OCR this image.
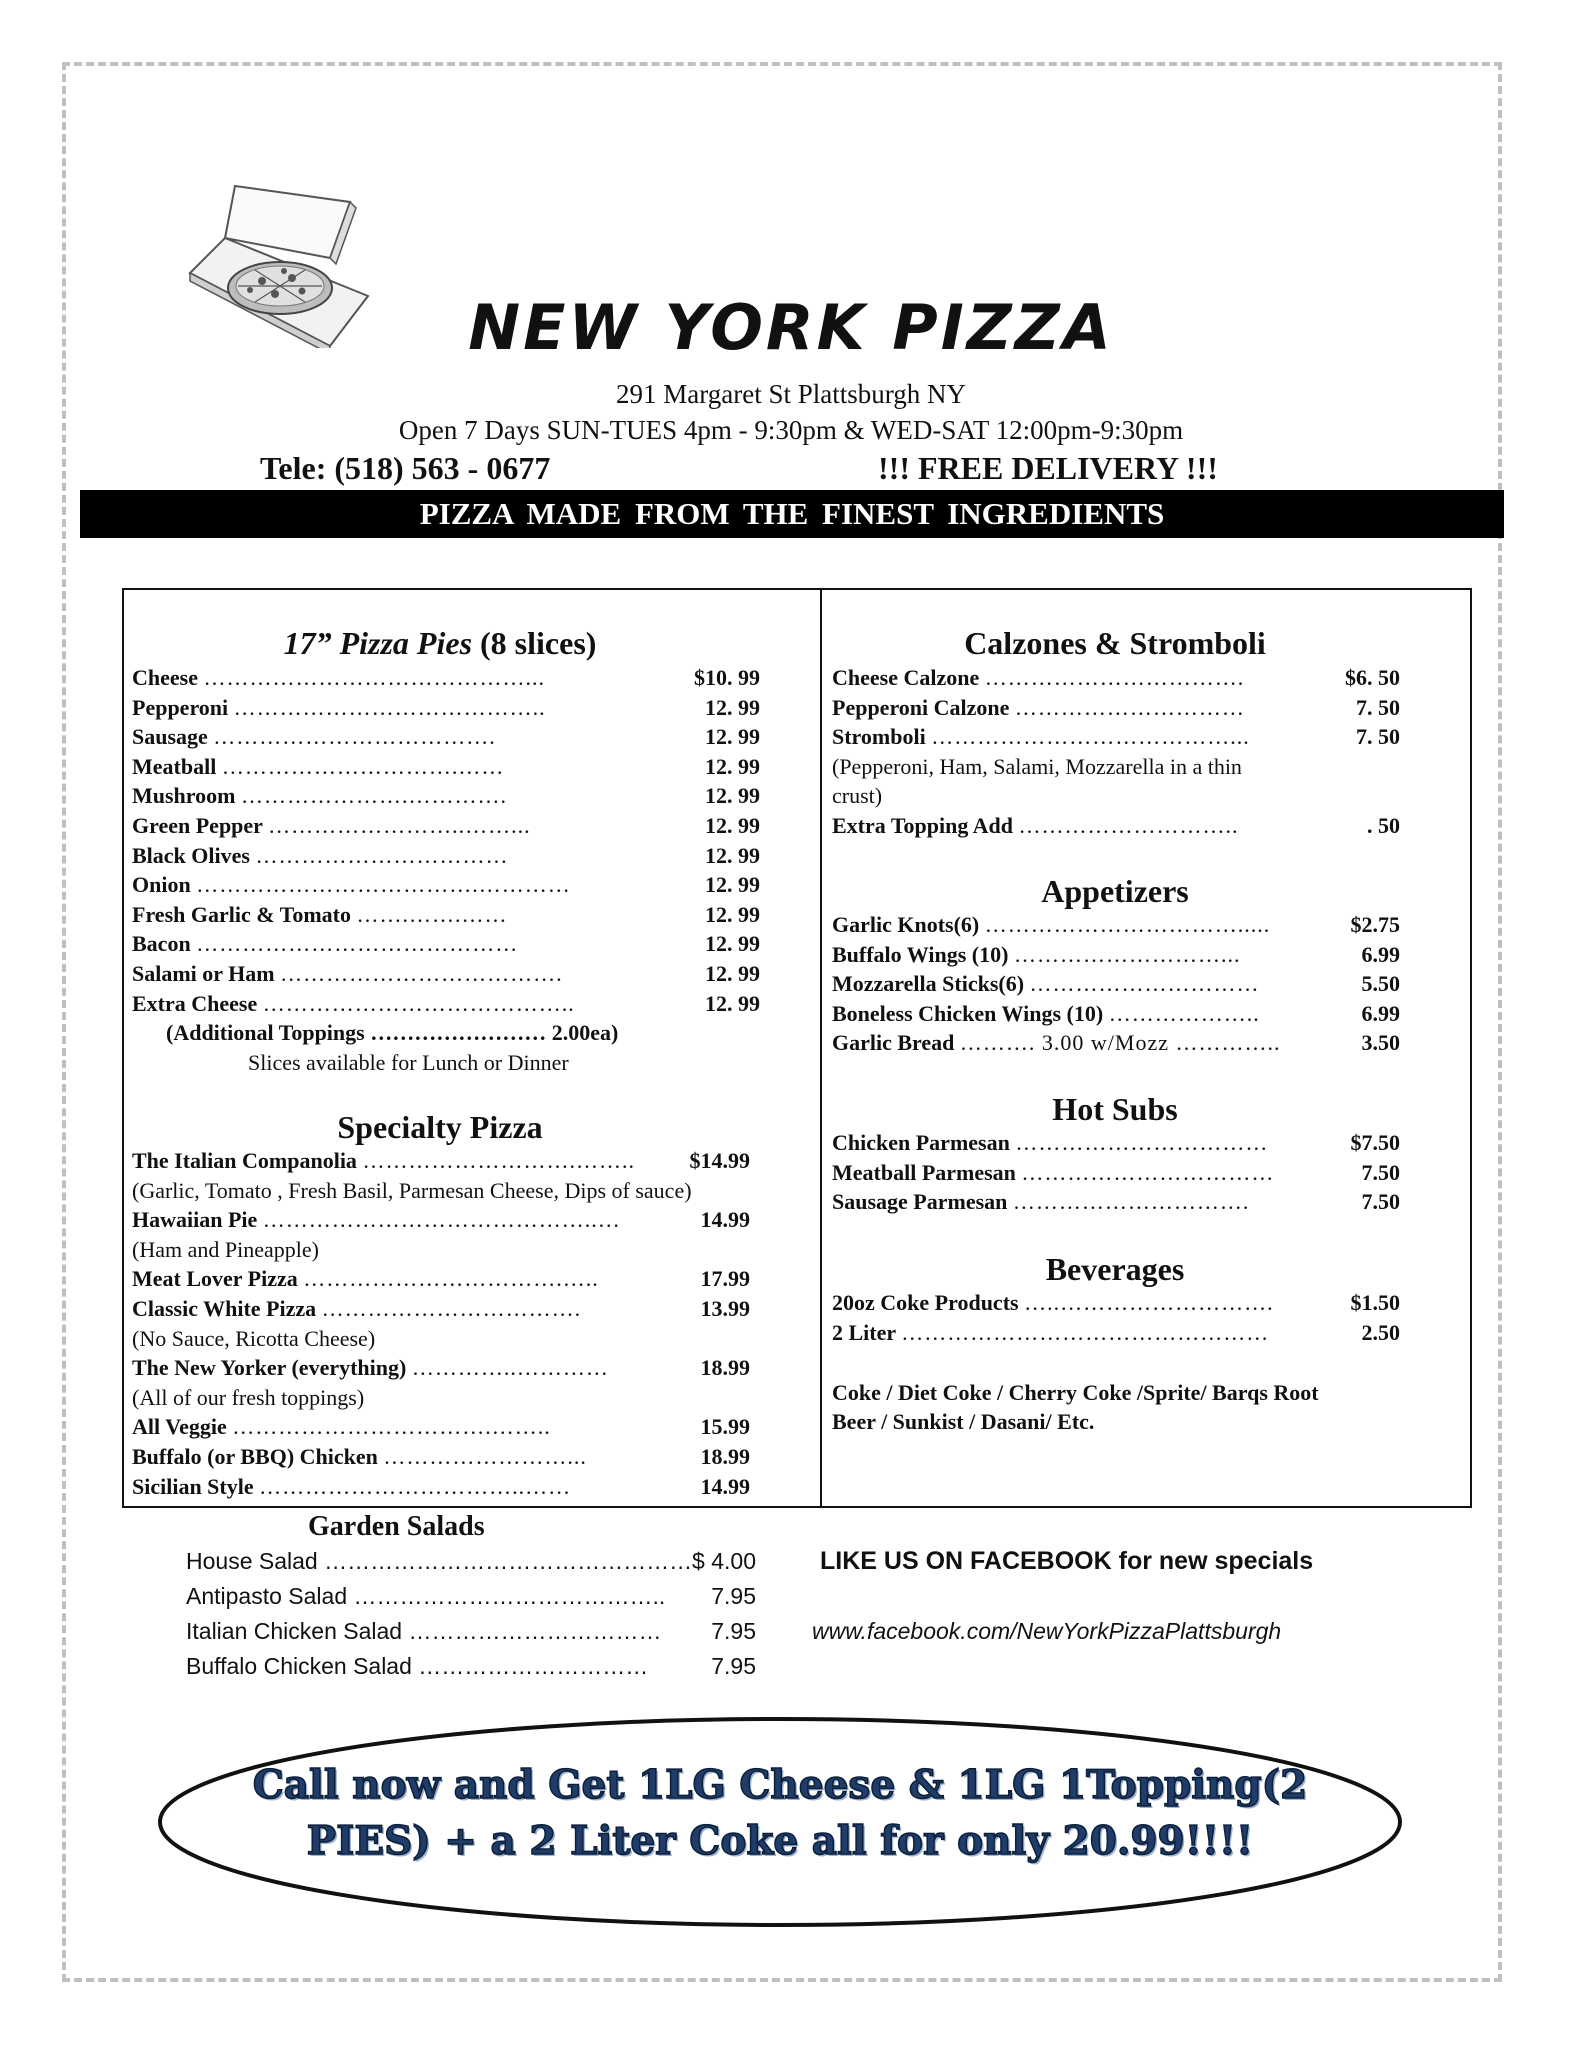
NEW YORK PIZZA
291 Margaret St Plattsburgh NY
Open 7 Days SUN-TUES 4pm - 9:30pm & WED-SAT 12:00pm-9:30pm
Tele: (518) 563 - 0677	!!! FREE DELIVERY !!!
PIZZA MADE FROM THE FINEST INGREDIENTS
17” Pizza Pies (8 slices)
(Additional Toppings …………………… 2.00ea)
Slices available for Lunch or Dinner
Specialty Pizza
Calzones & Stromboli
Appetizers
Hot Subs
Beverages
Coke / Diet Coke / Cherry Coke /Sprite/ Barqs Root
Beer / Sunkist / Dasani/ Etc.
Garden Salads
LIKE US ON FACEBOOK for new specials
www.facebook.com/NewYorkPizzaPlattsburgh
Call now and Get 1LG Cheese & 1LG 1Topping(2
PIES) + a 2 Liter Coke all for only 20.99!!!!
Cheese ……………………………………...	$10. 99
Pepperoni …………………………………..	12. 99
Sausage ……………………………….	12. 99
Meatball ………………………….……	12. 99
Mushroom ………………….………….	12. 99
Green Pepper ……………………..……...	12. 99
Black Olives ……………………………	12. 99
Onion ……………………………….…………	12. 99
Fresh Garlic & Tomato …….…….……	12. 99
Bacon ……………………………………	12. 99
Salami or Ham ……………………………….	12. 99
Extra Cheese …………………………………..	12. 99
The Italian Companolia ……………………….……..	$14.99
(Garlic, Tomato , Fresh Basil, Parmesan Cheese, Dips of sauce)
Hawaiian Pie ……………………………………..…	14.99
(Ham and Pineapple)
Meat Lover Pizza …………………………….…..	17.99
Classic White Pizza …………………………….	13.99
(No Sauce, Ricotta Cheese)
The New Yorker (everything) …………..…………	18.99
(All of our fresh toppings)
All Veggie …………………………….……..	15.99
Buffalo (or BBQ) Chicken ……………………...	18.99
Sicilian Style ……………………………..……	14.99
Cheese Calzone …………………………….	$6. 50
Pepperoni Calzone …………………………	7. 50
Stromboli …………………………………...	7. 50
(Pepperoni, Ham, Salami, Mozzarella in a thin
crust)
Extra Topping Add ………………………..	. 50
Garlic Knots(6) …………………………….....	$2.75
Buffalo Wings (10) ………………………...	6.99
Mozzarella Sticks(6) …………………………	5.50
Boneless Chicken Wings (10) ………………..	6.99
Garlic Bread ………. 3.00 w/Mozz …………..	3.50
Chicken Parmesan ……………………………	$7.50
Meatball Parmesan ……………………………	7.50
Sausage Parmesan ………………………….	7.50
20oz Coke Products …..……………………….	$1.50
2 Liter …………………………………………	2.50
House Salad ………………………………………… $ 4.00
Antipasto Salad …………………………………..	7.95
Italian Chicken Salad ……………………………	7.95
Buffalo Chicken Salad …………………………	7.95
